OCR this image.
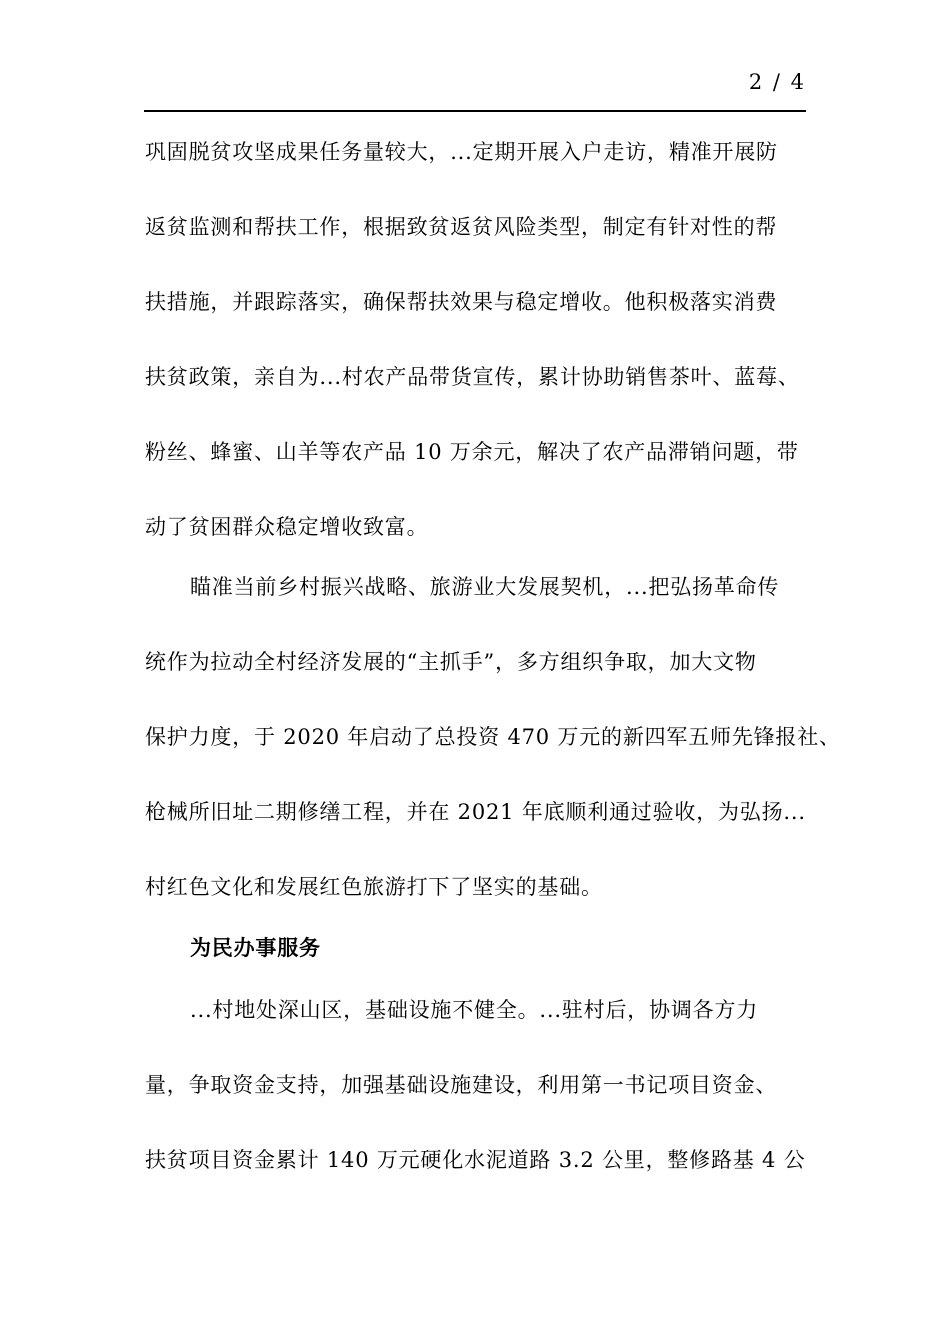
2 / 4
巩固脱贫攻坚成果任务量较大，...定期开展入户走访，精准开展防
返贫监测和帮扶工作，根据致贫返贫风险类型，制定有针对性的帮
扶措施，并跟踪落实，确保帮扶效果与稳定增收。他积极落实消费
扶贫政策，亲自为...村农产品带货宣传，累计协助销售茶叶、蓝莓、
粉丝、蜂蜜、山羊等农产品 10 万余元，解决了农产品滞销问题，带
动了贫困群众稳定增收致富。
瞄准当前乡村振兴战略、旅游业大发展契机，...把弘扬革命传
统作为拉动全村经济发展的“主抓手”，多方组织争取，加大文物
保护力度，于 2020 年启动了总投资 470 万元的新四军五师先锋报社、
枪械所旧址二期修缮工程，并在 2021 年底顺利通过验收，为弘扬...
村红色文化和发展红色旅游打下了坚实的基础。
为民办事服务
...村地处深山区，基础设施不健全。...驻村后，协调各方力
量，争取资金支持，加强基础设施建设，利用第一书记项目资金、
扶贫项目资金累计 140 万元硬化水泥道路 3.2 公里，整修路基 4 公
